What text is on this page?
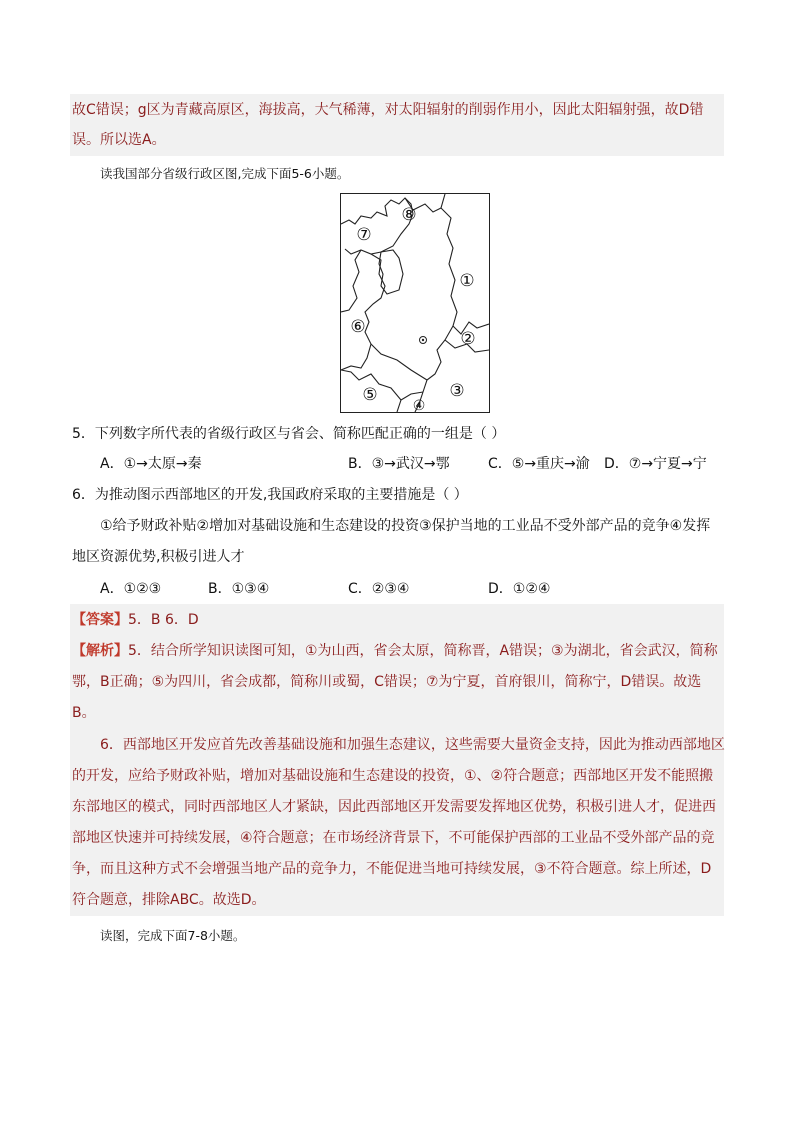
故C错误；g区为青藏高原区，海拔高，大气稀薄，对太阳辐射的削弱作用小，因此太阳辐射强，故D错
误。所以选A。
读我国部分省级行政区图,完成下面5-6小题。
⑧
⑦
①
⑥
②
⑤	③
④
5．下列数字所代表的省级行政区与省会、简称匹配正确的一组是（ ）
A．①→太原→秦	B．③→武汉→鄂	C．⑤→重庆→渝 D．⑦→宁夏→宁
6．为推动图示西部地区的开发,我国政府采取的主要措施是（ ）
①给予财政补贴②增加对基础设施和生态建设的投资③保护当地的工业品不受外部产品的竞争④发挥
地区资源优势,积极引进人才
A．①②③	B．①③④	C．②③④	D．①②④
【答案】5．B 6．D
【解析】5．结合所学知识读图可知，①为山西，省会太原，简称晋，A错误；③为湖北，省会武汉，简称
鄂，B正确；⑤为四川，省会成都，简称川或蜀，C错误；⑦为宁夏，首府银川，简称宁，D错误。故选
B。
6．西部地区开发应首先改善基础设施和加强生态建议，这些需要大量资金支持，因此为推动西部地区
的开发，应给予财政补贴，增加对基础设施和生态建设的投资，①、②符合题意；西部地区开发不能照搬
东部地区的模式，同时西部地区人才紧缺，因此西部地区开发需要发挥地区优势，积极引进人才，促进西
部地区快速并可持续发展，④符合题意；在市场经济背景下，不可能保护西部的工业品不受外部产品的竞
争，而且这种方式不会增强当地产品的竞争力，不能促进当地可持续发展，③不符合题意。综上所述，D
符合题意，排除ABC。故选D。
读图，完成下面7-8小题。
